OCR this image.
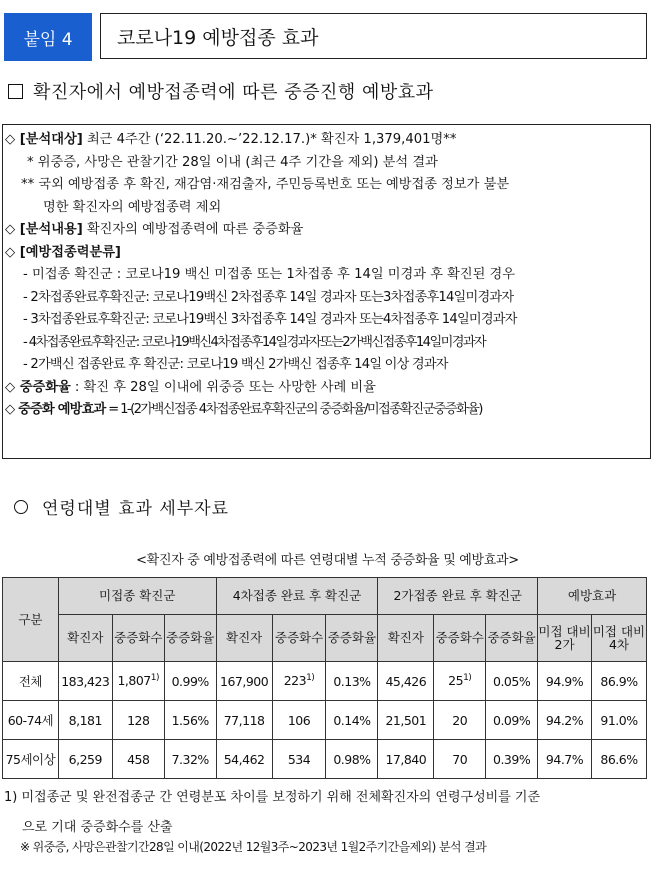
붙임 4	코로나19 예방접종 효과
확진자에서 예방접종력에 따른 중증진행 예방효과
◇ [분석대상] 최근 4주간 (‘22.11.20.~’22.12.17.)* 확진자 1,379,401명**
* 위중증, 사망은 관찰기간 28일 이내 (최근 4주 기간을 제외) 분석 결과
** 국외 예방접종 후 확진, 재감염·재검출자, 주민등록번호 또는 예방접종 정보가 불분
명한 확진자의 예방접종력 제외
◇ [분석내용] 확진자의 예방접종력에 따른 중증화율
◇ [예방접종력분류]
- 미접종 확진군 : 코로나19 백신 미접종 또는 1차접종 후 14일 미경과 후 확진된 경우
- 2차접종완료후확진군: 코로나19백신 2차접종후 14일 경과자 또는3차접종후14일미경과자
- 3차접종완료후확진군: 코로나19백신 3차접종후 14일 경과자 또는4차접종후 14일미경과자
- 4차접종완료후확진군: 코로나19백신4차접종후14일경과자또는2가백신접종후14일미경과자
- 2가백신 접종완료 후 확진군: 코로나19 백신 2가백신 접종후 14일 이상 경과자
◇ 중증화율 : 확진 후 28일 이내에 위중증 또는 사망한 사례 비율
◇ 중증화 예방효과 = 1-(2가백신접종 4차접종완료후확진군의 중증화율/미접종확진군중증화율)
연령대별 효과 세부자료
<확진자 중 예방접종력에 따른 연령대별 누적 중증화율 및 예방효과>
구분	미접종 확진군			4차접종 완료 후 확진군			2가접종 완료 후 확진군			예방효과	
	확진자	중증화수	중증화율	확진자	중증화수	중증화율	확진자	중증화수	중증화율	미접 대비 2가	미접 대비 4차
전체	183,423	1,807$^{1)}$	0.99%	167,900	223$^{1)}$	0.13%	45,426	25$^{1)}$	0.05%	94.9%	86.9%
60-74세	8,181	128	1.56%	77,118	106	0.14%	21,501	20	0.09%	94.2%	91.0%
75세이상	6,259	458	7.32%	54,462	534	0.98%	17,840	70	0.39%	94.7%	86.6%
1) 미접종군 및 완전접종군 간 연령분포 차이를 보정하기 위해 전체확진자의 연령구성비를 기준
으로 기대 중증화수를 산출
※ 위중증, 사망은관찰기간28일 이내(2022년 12월3주~2023년 1월2주기간을제외) 분석 결과
